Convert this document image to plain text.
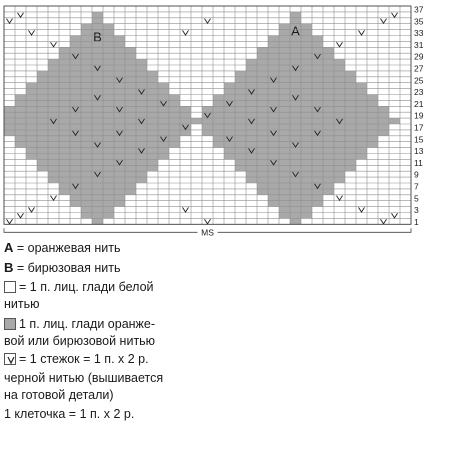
B	A
1
3
5
7
9
11
13
15
17
19
21
23
25
27
29
31
33
35
37
MS
A = оранжевая нить
B = бирюзовая нить
= 1 п. лиц. глади белой
нитью
1 п. лиц. глади оранже-
вой или бирюзовой нитью
= 1 стежок = 1 п. х 2 р.
черной нитью (вышивается
на готовой детали)
1 клеточка = 1 п. х 2 р.
